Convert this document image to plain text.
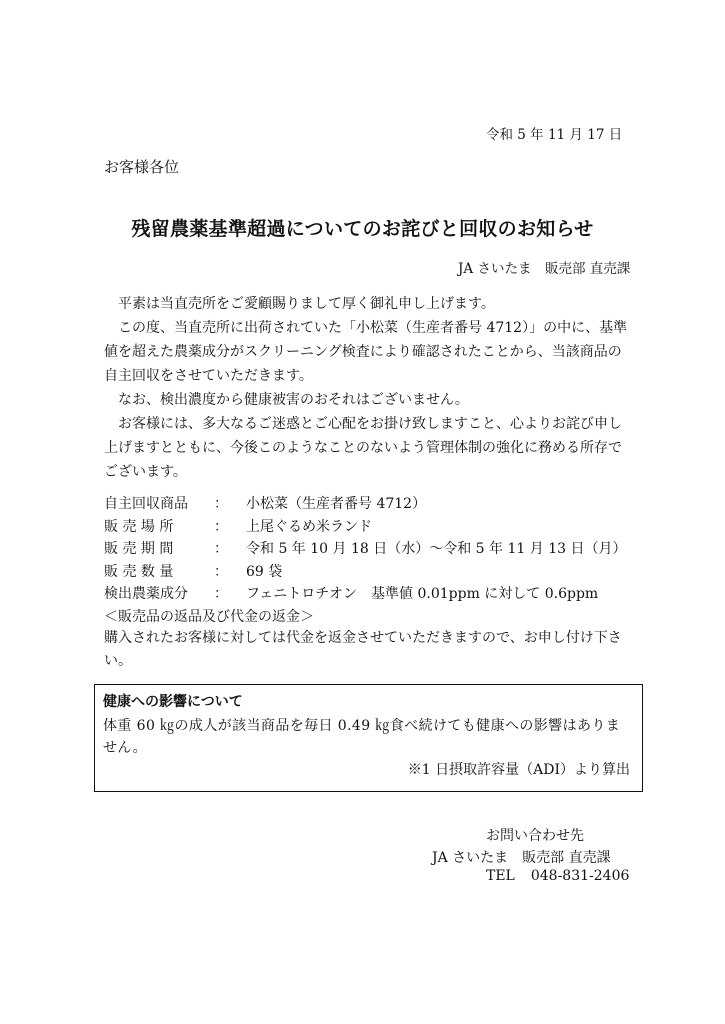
令和 5 年 11 月 17 日
お客様各位
残留農薬基準超過についてのお詫びと回収のお知らせ
JA さいたま　販売部 直売課
平素は当直売所をご愛顧賜りまして厚く御礼申し上げます。
この度、当直売所に出荷されていた「小松菜（生産者番号 4712）」の中に、基準値を超えた農薬成分がスクリーニング検査により確認されたことから、当該商品の自主回収をさせていただきます。
なお、検出濃度から健康被害のおそれはございません。
お客様には、多大なるご迷惑とご心配をお掛け致しますこと、心よりお詫び申し上げますとともに、今後このようなことのないよう管理体制の強化に務める所存でございます。
自主回収商品	：	小松菜（生産者番号 4712）
販 売 場 所	：	上尾ぐるめ米ランド
販 売 期 間	：	令和 5 年 10 月 18 日（水）～令和 5 年 11 月 13 日（月）
販 売 数 量	：	69 袋
検出農薬成分	：	フェニトロチオン　基準値 0.01ppm に対して 0.6ppm
＜販売品の返品及び代金の返金＞
購入されたお客様に対しては代金を返金させていただきますので、お申し付け下さい。
健康への影響について
体重 60 ㎏の成人が該当商品を毎日 0.49 ㎏食べ続けても健康への影響はありません。
※1 日摂取許容量（ADI）より算出
お問い合わせ先
JA さいたま　販売部 直売課
TEL 048-831-2406
